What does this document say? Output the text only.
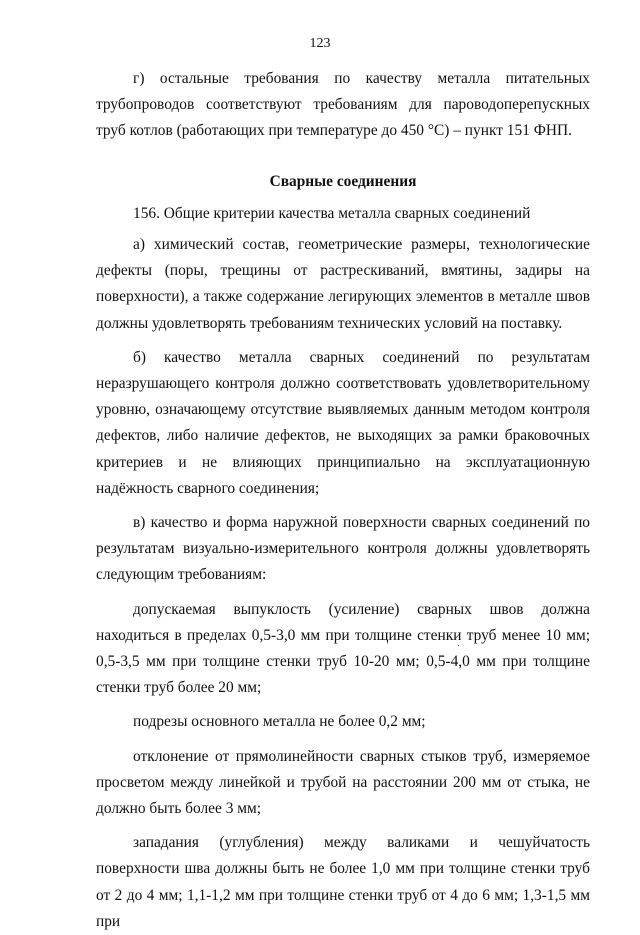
123

г) остальные требования по качеству металла питательных трубопроводов соответствуют требованиям для пароводоперепускных труб котлов (работающих при температуре до 450 °С) – пункт 151 ФНП.

Сварные соединения

156. Общие критерии качества металла сварных соединений

а) химический состав, геометрические размеры, технологические дефекты (поры, трещины от растрескиваний, вмятины, задиры на поверхности), а также содержание легирующих элементов в металле швов должны удовлетворять требованиям технических условий на поставку.

б) качество металла сварных соединений по результатам неразрушающего контроля должно соответствовать удовлетворительному уровню, означающему отсутствие выявляемых данным методом контроля дефектов, либо наличие дефектов, не выходящих за рамки браковочных критериев и не влияющих принципиально на эксплуатационную надёжность сварного соединения;

в) качество и форма наружной поверхности сварных соединений по результатам визуально-измерительного контроля должны удовлетворять следующим требованиям:

допускаемая выпуклость (усиление) сварных швов должна находиться в пределах 0,5-3,0 мм при толщине стенки труб менее 10 мм; 0,5-3,5 мм при толщине стенки труб 10-20 мм; 0,5-4,0 мм при толщине стенки труб более 20 мм;

подрезы основного металла не более 0,2 мм;

отклонение от прямолинейности сварных стыков труб, измеряемое просветом между линейкой и трубой на расстоянии 200 мм от стыка, не должно быть более 3 мм;

западания (углубления) между валиками и чешуйчатость поверхности шва должны быть не более 1,0 мм при толщине стенки труб от 2 до 4 мм; 1,1-1,2 мм при толщине стенки труб от 4 до 6 мм; 1,3-1,5 мм при
